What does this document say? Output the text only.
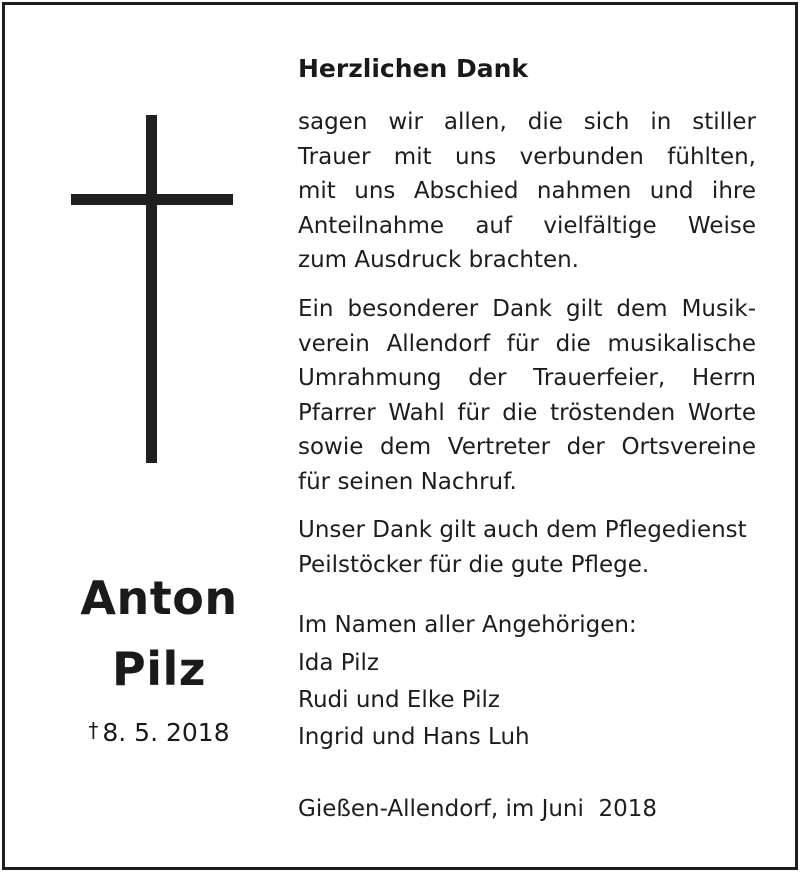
Anton
Pilz
† 8. 5. 2018
Herzlichen Dank
sagen wir allen, die sich in stiller
Trauer mit uns verbunden fühlten,
mit uns Abschied nahmen und ihre
Anteilnahme auf vielfältige Weise
zum Ausdruck brachten.
Ein besonderer Dank gilt dem Musik-
verein Allendorf für die musikalische
Umrahmung der Trauerfeier, Herrn
Pfarrer Wahl für die tröstenden Worte
sowie dem Vertreter der Ortsvereine
für seinen Nachruf.
Unser Dank gilt auch dem Pflegedienst
Peilstöcker für die gute Pflege.
Im Namen aller Angehörigen:
Ida Pilz
Rudi und Elke Pilz
Ingrid und Hans Luh
Gießen-Allendorf, im Juni  2018
